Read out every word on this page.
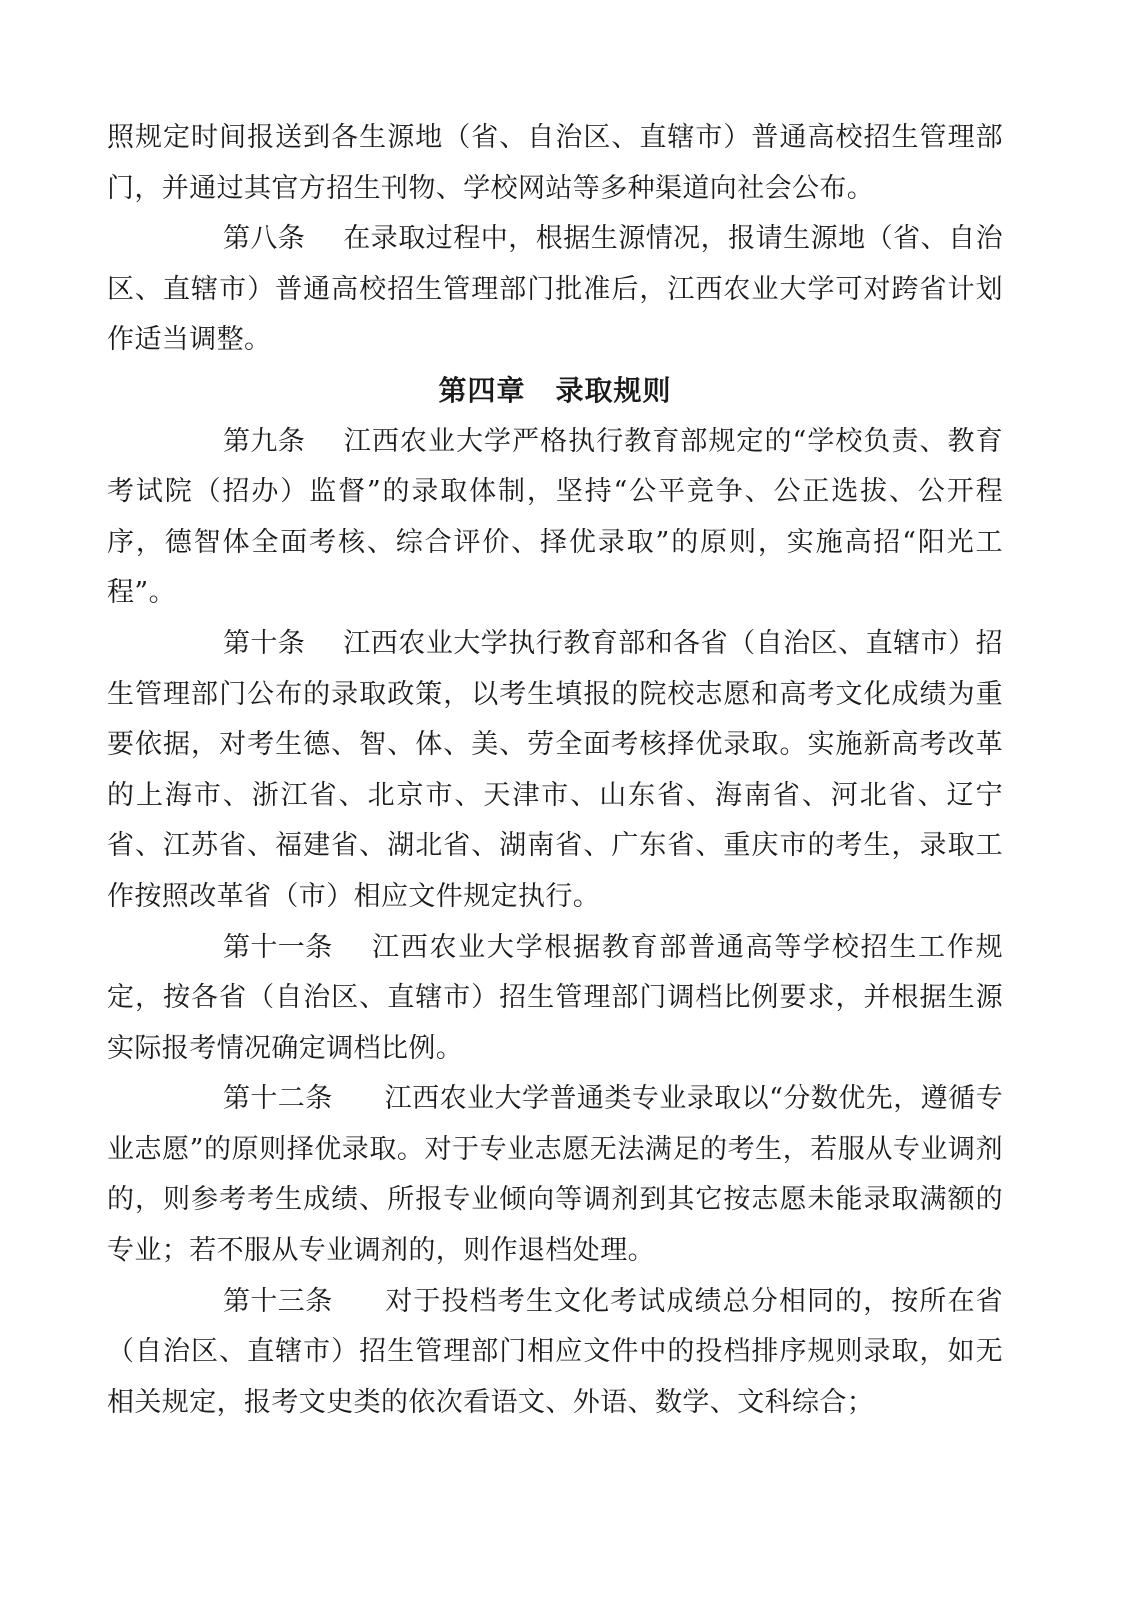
照规定时间报送到各生源地（省、自治区、直辖市）普通高校招生管理部门，并通过其官方招生刊物、学校网站等多种渠道向社会公布。

第八条 在录取过程中，根据生源情况，报请生源地（省、自治区、直辖市）普通高校招生管理部门批准后，江西农业大学可对跨省计划作适当调整。

第四章 录取规则

第九条 江西农业大学严格执行教育部规定的“学校负责、教育考试院（招办）监督”的录取体制，坚持“公平竞争、公正选拔、公开程序，德智体全面考核、综合评价、择优录取”的原则，实施高招“阳光工程”。

第十条 江西农业大学执行教育部和各省（自治区、直辖市）招生管理部门公布的录取政策，以考生填报的院校志愿和高考文化成绩为重要依据，对考生德、智、体、美、劳全面考核择优录取。实施新高考改革的上海市、浙江省、北京市、天津市、山东省、海南省、河北省、辽宁省、江苏省、福建省、湖北省、湖南省、广东省、重庆市的考生，录取工作按照改革省（市）相应文件规定执行。

第十一条 江西农业大学根据教育部普通高等学校招生工作规定，按各省（自治区、直辖市）招生管理部门调档比例要求，并根据生源实际报考情况确定调档比例。

第十二条 江西农业大学普通类专业录取以“分数优先，遵循专业志愿”的原则择优录取。对于专业志愿无法满足的考生，若服从专业调剂的，则参考考生成绩、所报专业倾向等调剂到其它按志愿未能录取满额的专业；若不服从专业调剂的，则作退档处理。

第十三条 对于投档考生文化考试成绩总分相同的，按所在省（自治区、直辖市）招生管理部门相应文件中的投档排序规则录取，如无相关规定，报考文史类的依次看语文、外语、数学、文科综合；
